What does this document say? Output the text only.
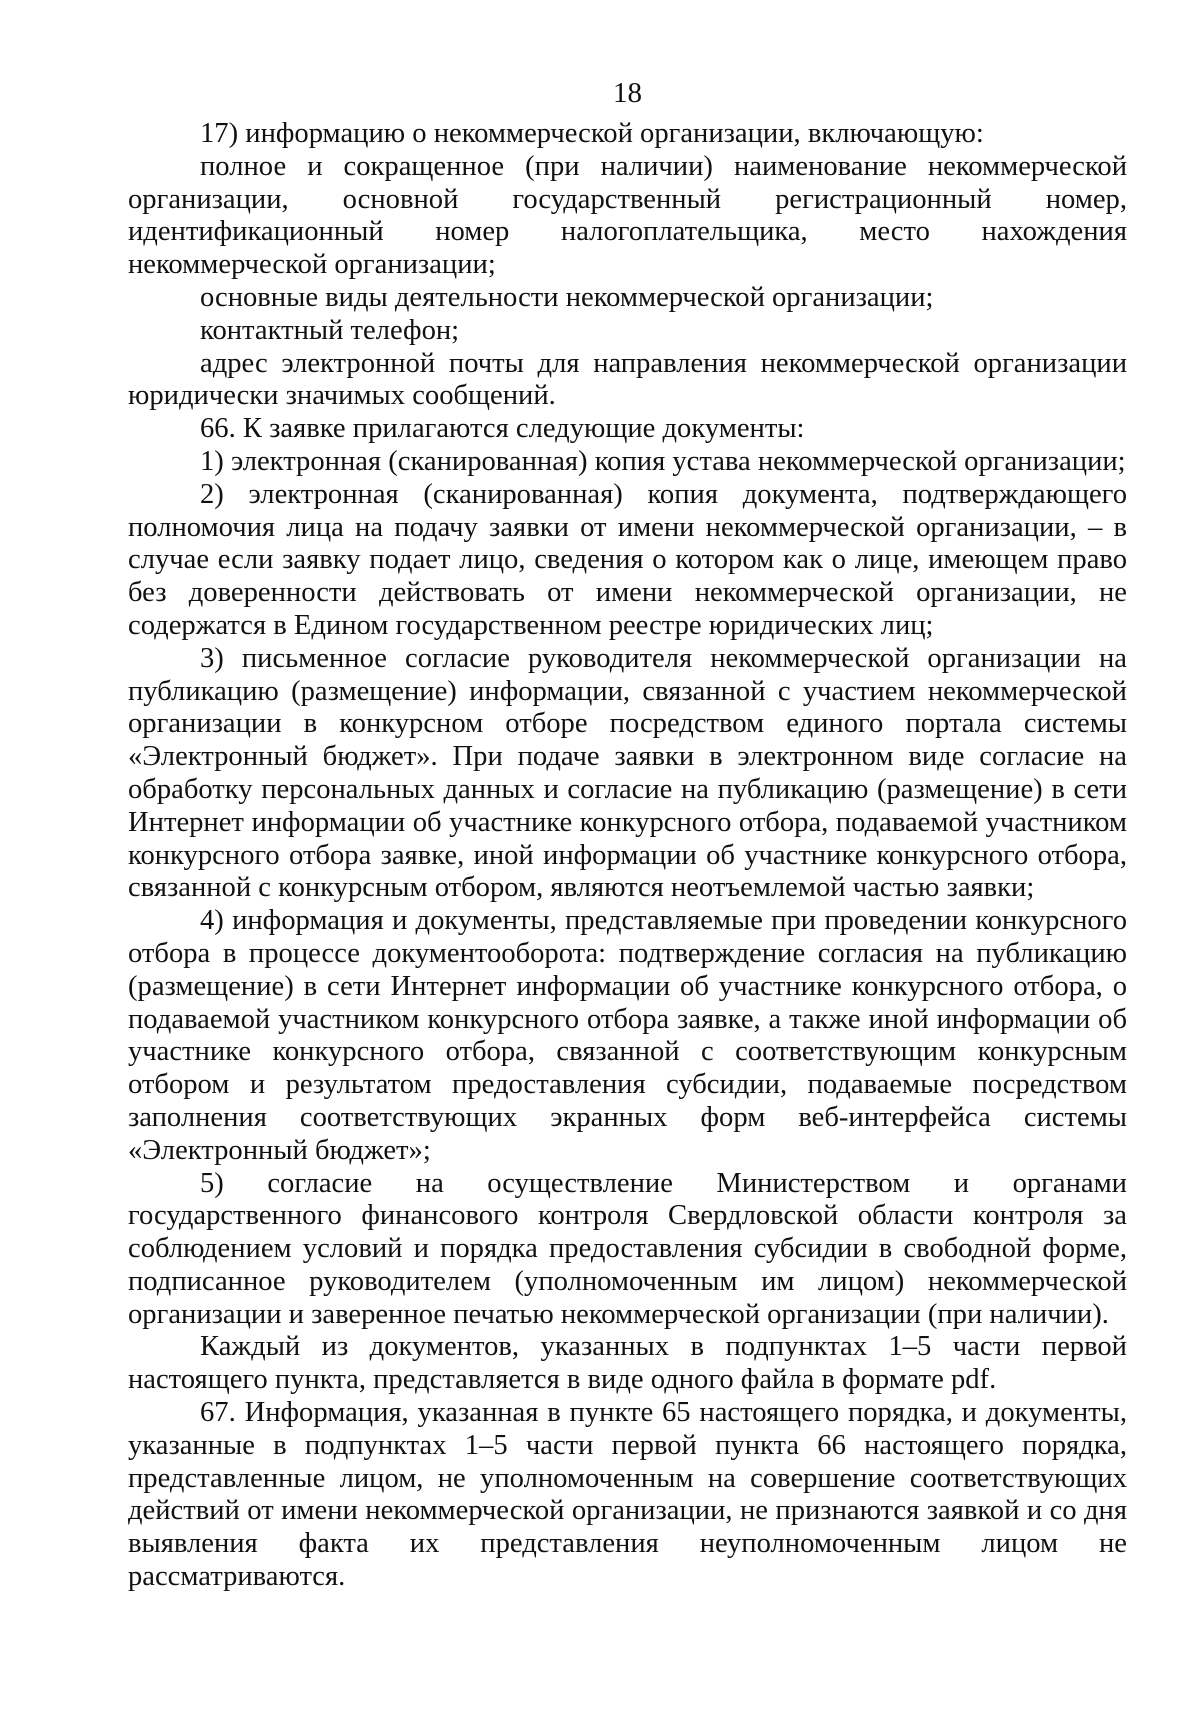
18

17) информацию о некоммерческой организации, включающую:

полное и сокращенное (при наличии) наименование некоммерческой организации, основной государственный регистрационный номер, идентификационный номер налогоплательщика, место нахождения некоммерческой организации;

основные виды деятельности некоммерческой организации;

контактный телефон;

адрес электронной почты для направления некоммерческой организации юридически значимых сообщений.

66. К заявке прилагаются следующие документы:

1) электронная (сканированная) копия устава некоммерческой организации;

2) электронная (сканированная) копия документа, подтверждающего полномочия лица на подачу заявки от имени некоммерческой организации, – в случае если заявку подает лицо, сведения о котором как о лице, имеющем право без доверенности действовать от имени некоммерческой организации, не содержатся в Едином государственном реестре юридических лиц;

3) письменное согласие руководителя некоммерческой организации на публикацию (размещение) информации, связанной с участием некоммерческой организации в конкурсном отборе посредством единого портала системы «Электронный бюджет». При подаче заявки в электронном виде согласие на обработку персональных данных и согласие на публикацию (размещение) в сети Интернет информации об участнике конкурсного отбора, подаваемой участником конкурсного отбора заявке, иной информации об участнике конкурсного отбора, связанной с конкурсным отбором, являются неотъемлемой частью заявки;

4) информация и документы, представляемые при проведении конкурсного отбора в процессе документооборота: подтверждение согласия на публикацию (размещение) в сети Интернет информации об участнике конкурсного отбора, о подаваемой участником конкурсного отбора заявке, а также иной информации об участнике конкурсного отбора, связанной с соответствующим конкурсным отбором и результатом предоставления субсидии, подаваемые посредством заполнения соответствующих экранных форм веб-интерфейса системы «Электронный бюджет»;

5) согласие на осуществление Министерством и органами государственного финансового контроля Свердловской области контроля за соблюдением условий и порядка предоставления субсидии в свободной форме, подписанное руководителем (уполномоченным им лицом) некоммерческой организации и заверенное печатью некоммерческой организации (при наличии).

Каждый из документов, указанных в подпунктах 1–5 части первой настоящего пункта, представляется в виде одного файла в формате pdf.

67. Информация, указанная в пункте 65 настоящего порядка, и документы, указанные в подпунктах 1–5 части первой пункта 66 настоящего порядка, представленные лицом, не уполномоченным на совершение соответствующих действий от имени некоммерческой организации, не признаются заявкой и со дня выявления факта их представления неуполномоченным лицом не рассматриваются.
